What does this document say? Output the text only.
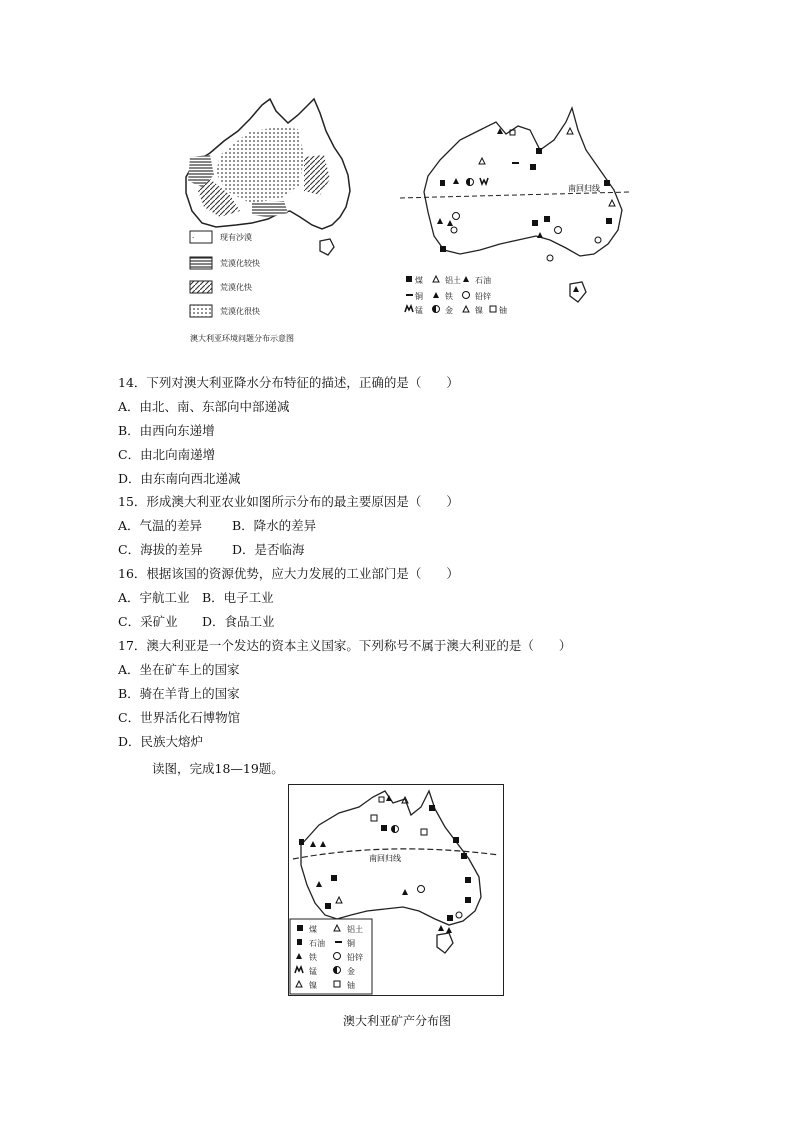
·	现有沙漠
荒漠化较快
荒漠化快
荒漠化很快
澳大利亚环境问题分布示意图
南回归线
煤	铝土 石油
铜	铁	铅锌
锰	金	镍 铀
14．下列对澳大利亚降水分布特征的描述，正确的是（　　）
A．由北、南、东部向中部递减
B．由西向东递增
C．由北向南递增
D．由东南向西北递减
15．形成澳大利亚农业如图所示分布的最主要原因是（　　）
A．气温的差异 B．降水的差异
C．海拔的差异 D．是否临海
16．根据该国的资源优势，应大力发展的工业部门是（　　）
A．宇航工业 B．电子工业
C．采矿业 D．食品工业
17．澳大利亚是一个发达的资本主义国家。下列称号不属于澳大利亚的是（　　）
A．坐在矿车上的国家
B．骑在羊背上的国家
C．世界活化石博物馆
D．民族大熔炉
读图，完成18—19题。
南回归线
煤	铝土
石油	铜
铁	铅锌
锰	金
镍	铀
澳大利亚矿产分布图
